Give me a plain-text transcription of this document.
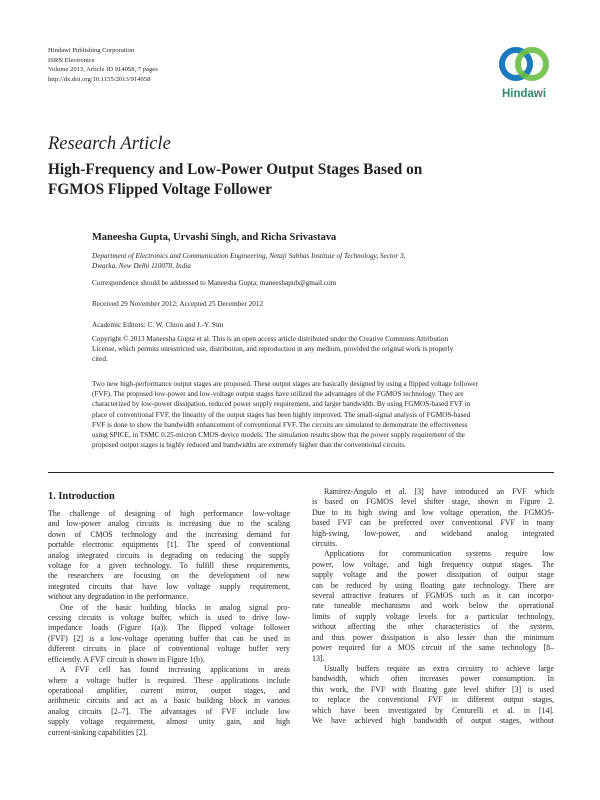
Hindawi Publishing Corporation
ISRN Electronics
Volume 2013, Article ID 914058, 7 pages
http://dx.doi.org/10.1155/2013/914058
Hindawi
Research Article
High-Frequency and Low-Power Output Stages Based on
FGMOS Flipped Voltage Follower
Maneesha Gupta, Urvashi Singh, and Richa Srivastava
Department of Electronics and Communication Engineering, Netaji Subhas Institute of Technology, Sector 3,
Dwarka, New Delhi 110078, India
Correspondence should be addressed to Maneesha Gupta; maneeshapub@gmail.com
Received 29 November 2012; Accepted 25 December 2012
Academic Editors: C. W. Chiou and J.-Y. Sim
Copyright © 2013 Maneesha Gupta et al. This is an open access article distributed under the Creative Commons Attribution
License, which permits unrestricted use, distribution, and reproduction in any medium, provided the original work is properly
cited.
Two new high-performance output stages are proposed. These output stages are basically designed by using a flipped voltage follower
(FVF). The proposed low-power and low-voltage output stages have utilized the advantages of the FGMOS technology. They are
characterized by low-power dissipation, reduced power supply requirement, and larger bandwidth. By using FGMOS-based FVF in
place of conventional FVF, the linearity of the output stages has been highly improved. The small-signal analysis of FGMOS-based
FVF is done to show the bandwidth enhancement of conventional FVF. The circuits are simulated to demonstrate the effectiveness
using SPICE, in TSMC 0.25-micron CMOS device models. The simulation results show that the power supply requirement of the
proposed output stages is highly reduced and bandwidths are extremely higher than the conventional circuits.
1. Introduction
The challenge of designing of high performance low-voltage
and low-power analog circuits is increasing due to the scaling
down of CMOS technology and the increasing demand for
portable electronic equipments [1]. The speed of conventional
analog integrated circuits is degrading on reducing the supply
voltage for a given technology. To fulfill these requirements,
the researchers are focusing on the development of new
integrated circuits that have low voltage supply requirement,
without any degradation in the performance.
One of the basic building blocks in analog signal pro-
cessing circuits is voltage buffer, which is used to drive low-
impedance loads (Figure 1(a)). The flipped voltage follower
(FVF) [2] is a low-voltage operating buffer that can be used in
different circuits in place of conventional voltage buffer very
efficiently. A FVF circuit is shown in Figure 1(b).
A FVF cell has found increasing applications in areas
where a voltage buffer is required. These applications include
operational amplifier, current mirror, output stages, and
arithmetic circuits and act as a basic building block in various
analog circuits [2–7]. The advantages of FVF include low
supply voltage requirement, almost unity gain, and high
current-sinking capabilities [2].
Ramirez-Angulo et al. [3] have introduced an FVF which
is based on FGMOS level shifter stage, shown in Figure 2.
Due to its high swing and low voltage operation, the FGMOS-
based FVF can be preferred over conventional FVF in many
high-swing, low-power, and wideband analog integrated
circuits.
Applications for communication systems require low
power, low voltage, and high frequency output stages. The
supply voltage and the power dissipation of output stage
can be reduced by using floating gate technology. There are
several attractive features of FGMOS such as it can incorpo-
rate tuneable mechanisms and work below the operational
limits of supply voltage levels for a particular technology,
without affecting the other characteristics of the system,
and thus power dissipation is also lesser than the minimum
power required for a MOS circuit of the same technology [8–
13].
Usually buffers require an extra circuitry to achieve large
bandwidth, which often increases power consumption. In
this work, the FVF with floating gate level shifter [3] is used
to replace the conventional FVF in different output stages,
which have been investigated by Centurelli et al. in [14].
We have achieved high bandwidth of output stages, without
